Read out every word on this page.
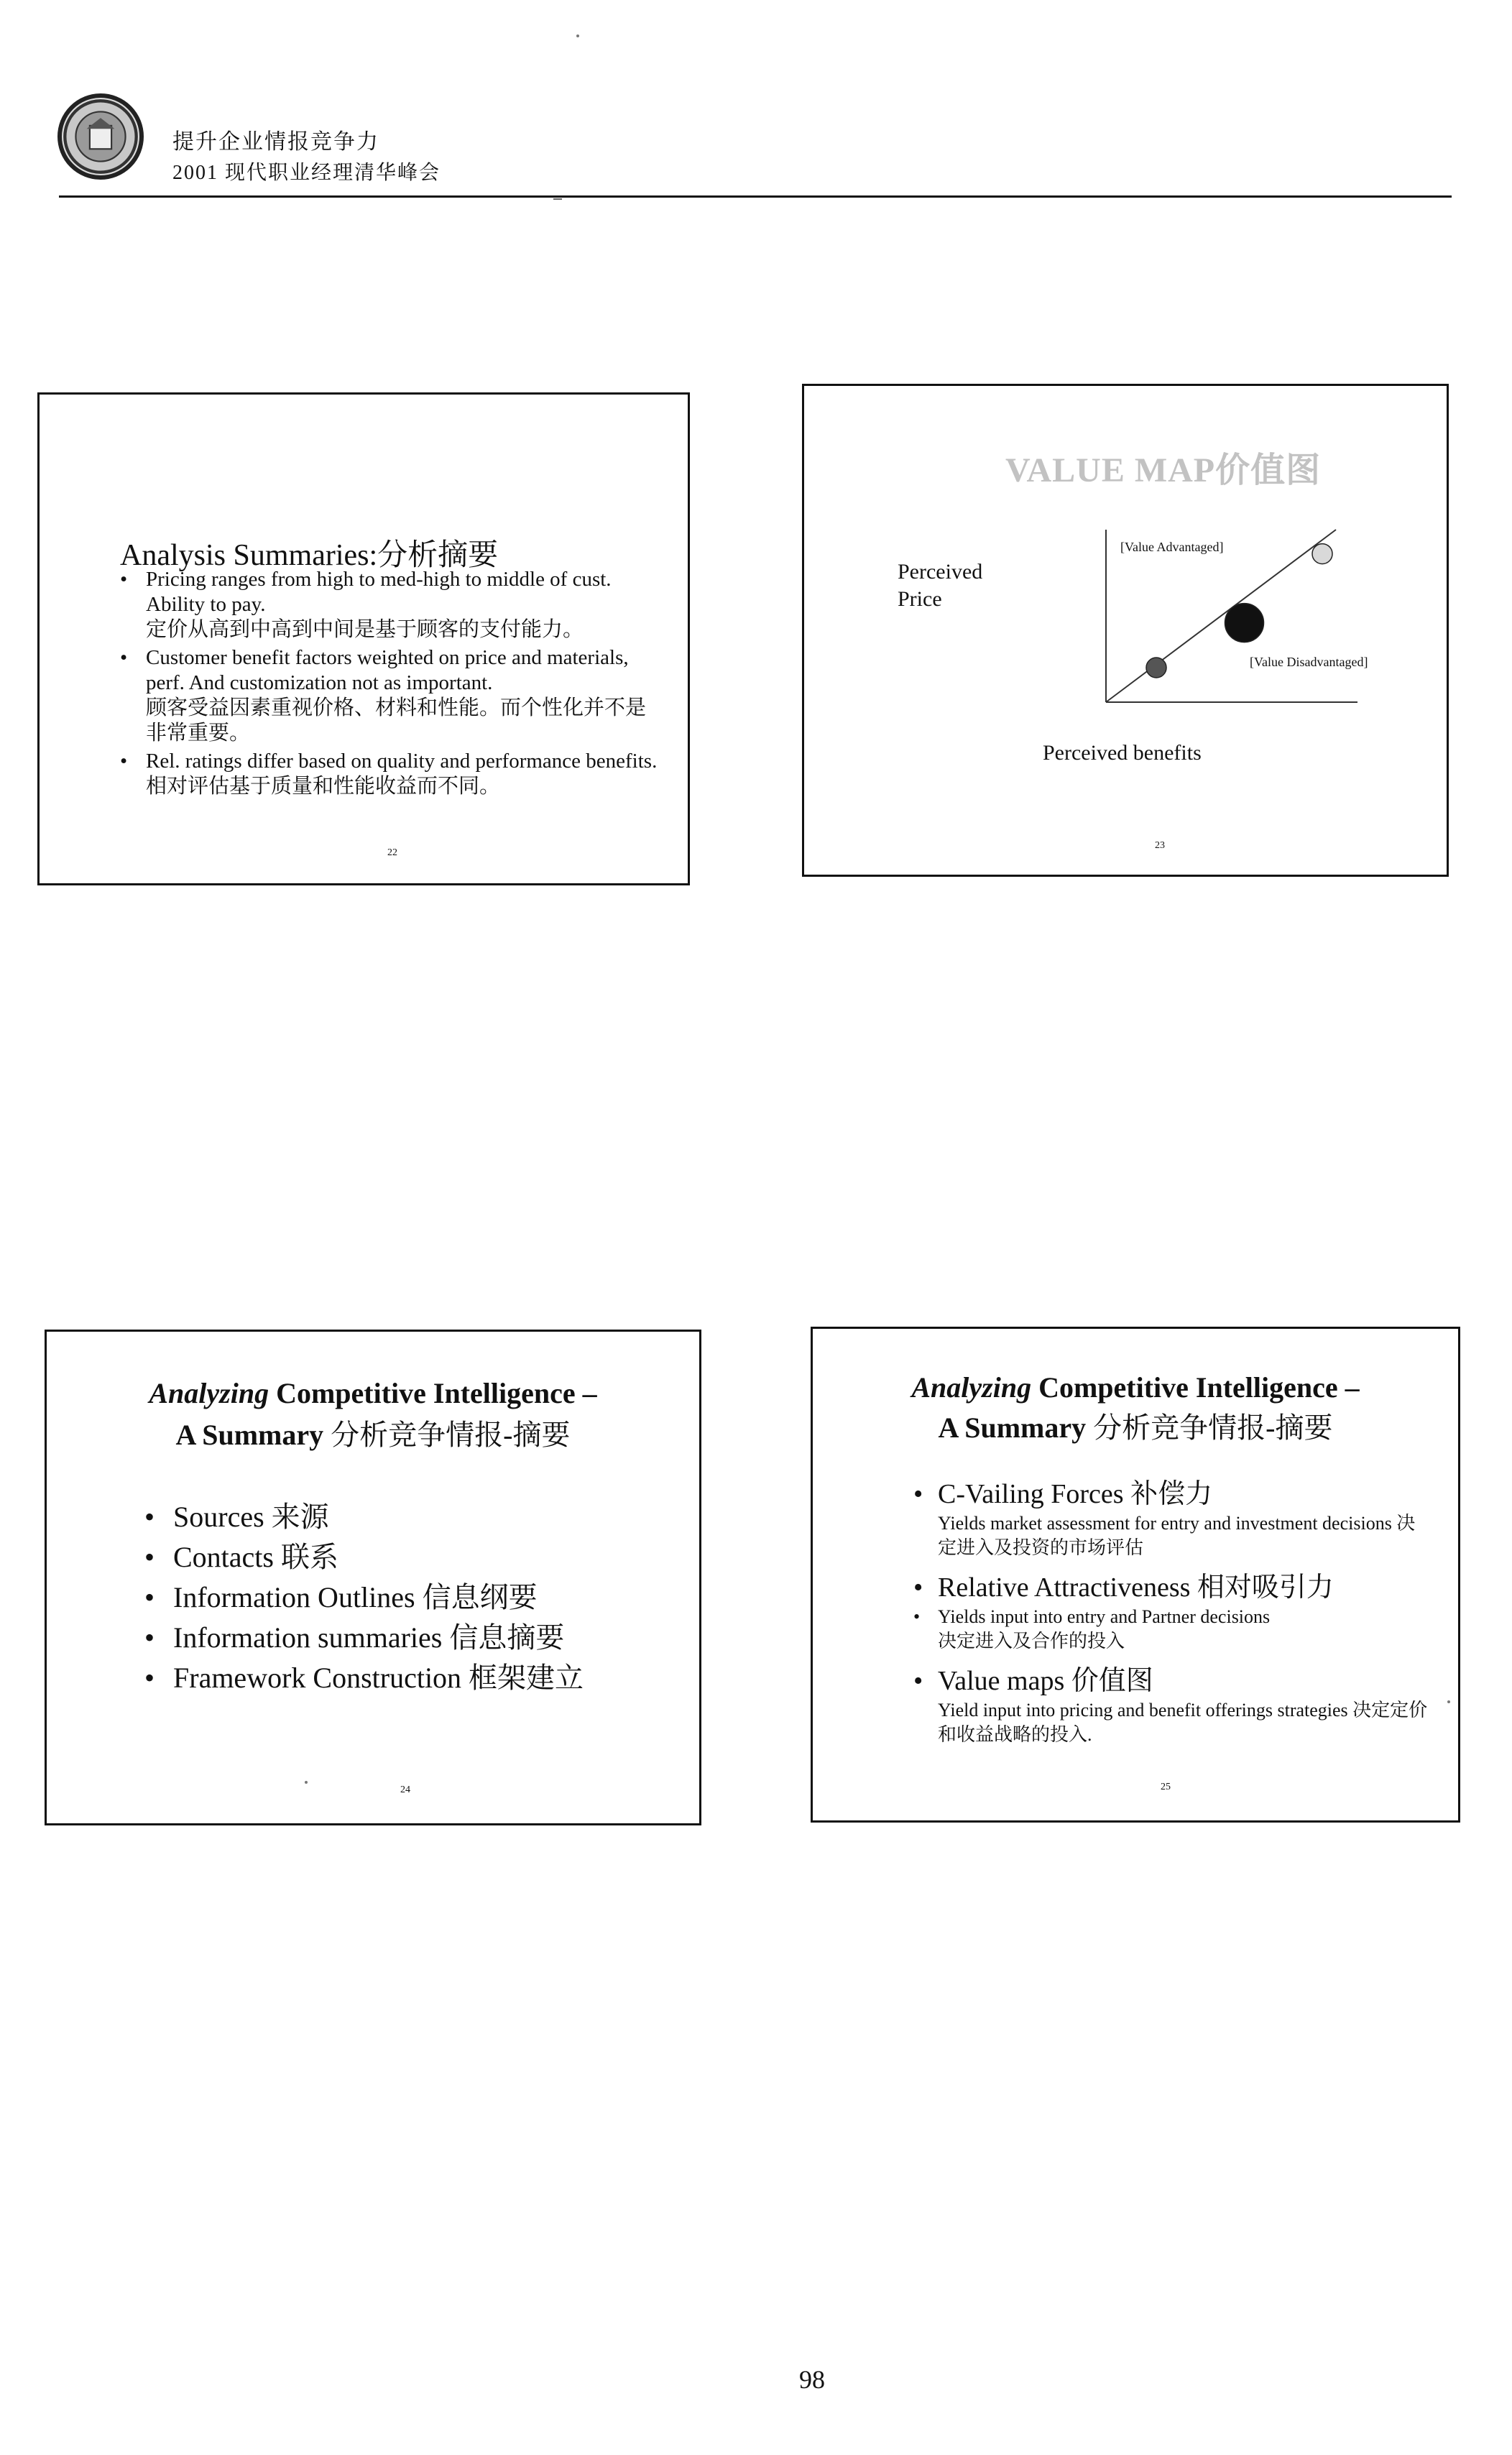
提升企业情报竞争力
2001 现代职业经理清华峰会
Analysis Summaries:分析摘要
• Pricing ranges from high to med-high to middle of cust. Ability to pay.
定价从高到中高到中间是基于顾客的支付能力。
• Customer benefit factors weighted on price and materials, perf. And customization not as important.
顾客受益因素重视价格、材料和性能。而个性化并不是非常重要。
• Rel. ratings differ based on quality and performance benefits. 相对评估基于质量和性能收益而不同。
22
VALUE MAP价值图
Perceived
Price
[Value Advantaged]
[Value Disadvantaged]
Perceived benefits
23
Analyzing Competitive Intelligence –
A Summary 分析竞争情报-摘要
• Sources 来源
• Contacts 联系
• Information Outlines 信息纲要
• Information summaries 信息摘要
• Framework Construction 框架建立
24
Analyzing Competitive Intelligence –
A Summary 分析竞争情报-摘要
• C-Vailing Forces 补偿力
Yields market assessment for entry and investment decisions 决定进入及投资的市场评估
• Relative Attractiveness 相对吸引力
• Yields input into entry and Partner decisions
决定进入及合作的投入
• Value maps 价值图
Yield input into pricing and benefit offerings strategies 决定定价和收益战略的投入.
25
98
